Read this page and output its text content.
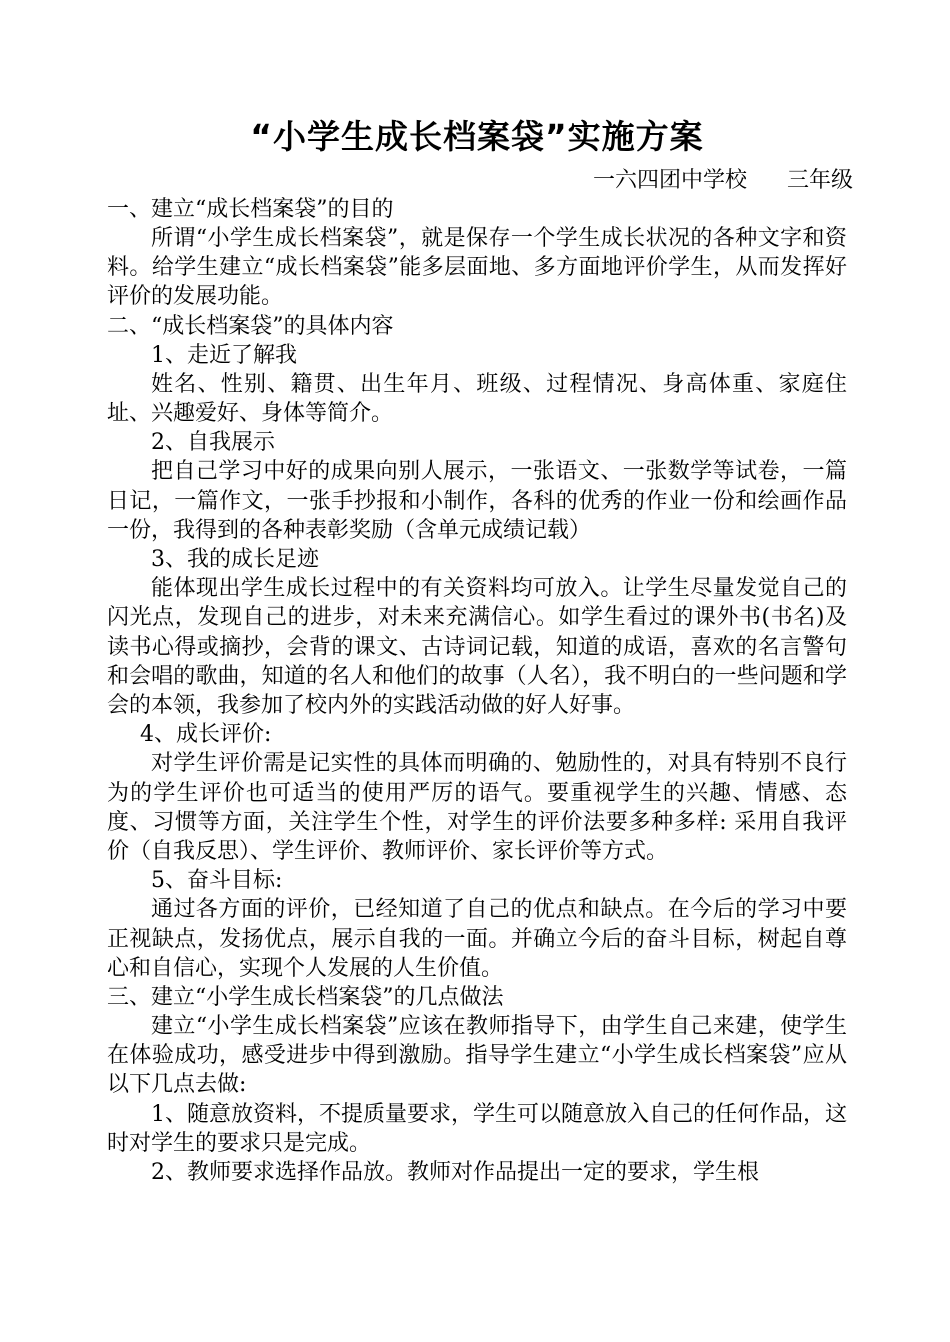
“小学生成长档案袋”实施方案

一六四团中学校 三年级

一、建立“成长档案袋”的目的

所谓“小学生成长档案袋”，就是保存一个学生成长状况的各种文字和资料。给学生建立“成长档案袋”能多层面地、多方面地评价学生，从而发挥好评价的发展功能。

二、“成长档案袋”的具体内容

1、走近了解我

姓名、性别、籍贯、出生年月、班级、过程情况、身高体重、家庭住址、兴趣爱好、身体等简介。

2、自我展示

把自己学习中好的成果向别人展示，一张语文、一张数学等试卷，一篇日记，一篇作文，一张手抄报和小制作，各科的优秀的作业一份和绘画作品一份，我得到的各种表彰奖励（含单元成绩记载）

3、我的成长足迹

能体现出学生成长过程中的有关资料均可放入。让学生尽量发觉自己的闪光点，发现自己的进步，对未来充满信心。如学生看过的课外书(书名)及读书心得或摘抄，会背的课文、古诗词记载，知道的成语，喜欢的名言警句和会唱的歌曲，知道的名人和他们的故事（人名），我不明白的一些问题和学会的本领，我参加了校内外的实践活动做的好人好事。

4、成长评价:

对学生评价需是记实性的具体而明确的、勉励性的，对具有特别不良行为的学生评价也可适当的使用严厉的语气。要重视学生的兴趣、情感、态度、习惯等方面，关注学生个性，对学生的评价法要多种多样: 采用自我评价（自我反思）、学生评价、教师评价、家长评价等方式。

5、奋斗目标:

通过各方面的评价，已经知道了自己的优点和缺点。在今后的学习中要正视缺点，发扬优点，展示自我的一面。并确立今后的奋斗目标，树起自尊心和自信心，实现个人发展的人生价值。

三、建立“小学生成长档案袋”的几点做法

建立“小学生成长档案袋”应该在教师指导下，由学生自己来建，使学生在体验成功，感受进步中得到激励。指导学生建立“小学生成长档案袋”应从以下几点去做:

1、随意放资料，不提质量要求，学生可以随意放入自己的任何作品，这时对学生的要求只是完成。

2、教师要求选择作品放。教师对作品提出一定的要求，学生根
